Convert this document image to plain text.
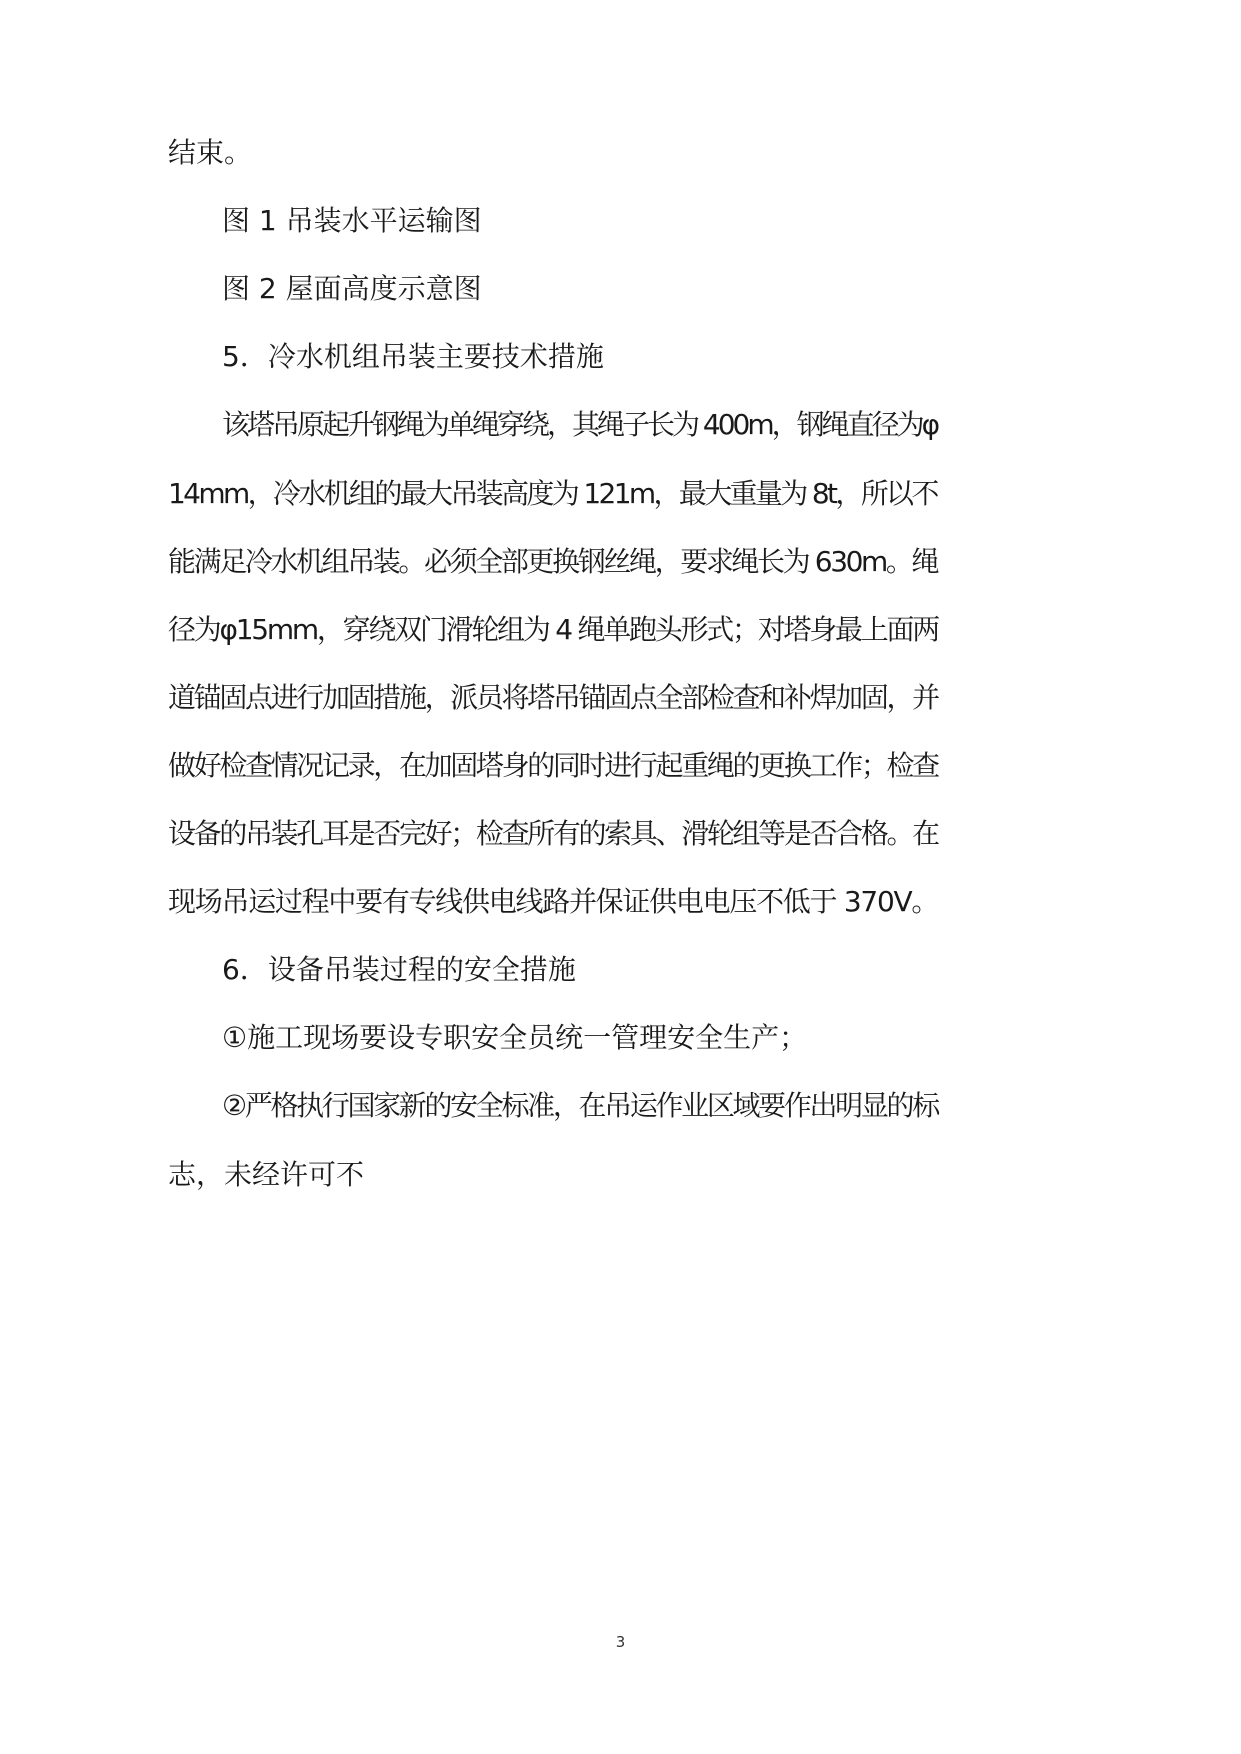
结束。

图 1 吊装水平运输图

图 2 屋面高度示意图

5．冷水机组吊装主要技术措施

该塔吊原起升钢绳为单绳穿绕，其绳子长为 400m，钢绳直径为φ

14mm，冷水机组的最大吊装高度为 121m，最大重量为 8t，所以不

能满足冷水机组吊装。必须全部更换钢丝绳，要求绳长为 630m。绳

径为φ15mm，穿绕双门滑轮组为 4 绳单跑头形式；对塔身最上面两

道锚固点进行加固措施，派员将塔吊锚固点全部检查和补焊加固，并

做好检查情况记录，在加固塔身的同时进行起重绳的更换工作；检查

设备的吊装孔耳是否完好；检查所有的索具、滑轮组等是否合格。在

现场吊运过程中要有专线供电线路并保证供电电压不低于 370V。

6．设备吊装过程的安全措施

①施工现场要设专职安全员统一管理安全生产；

②严格执行国家新的安全标准，在吊运作业区域要作出明显的标

志，未经许可不

3
